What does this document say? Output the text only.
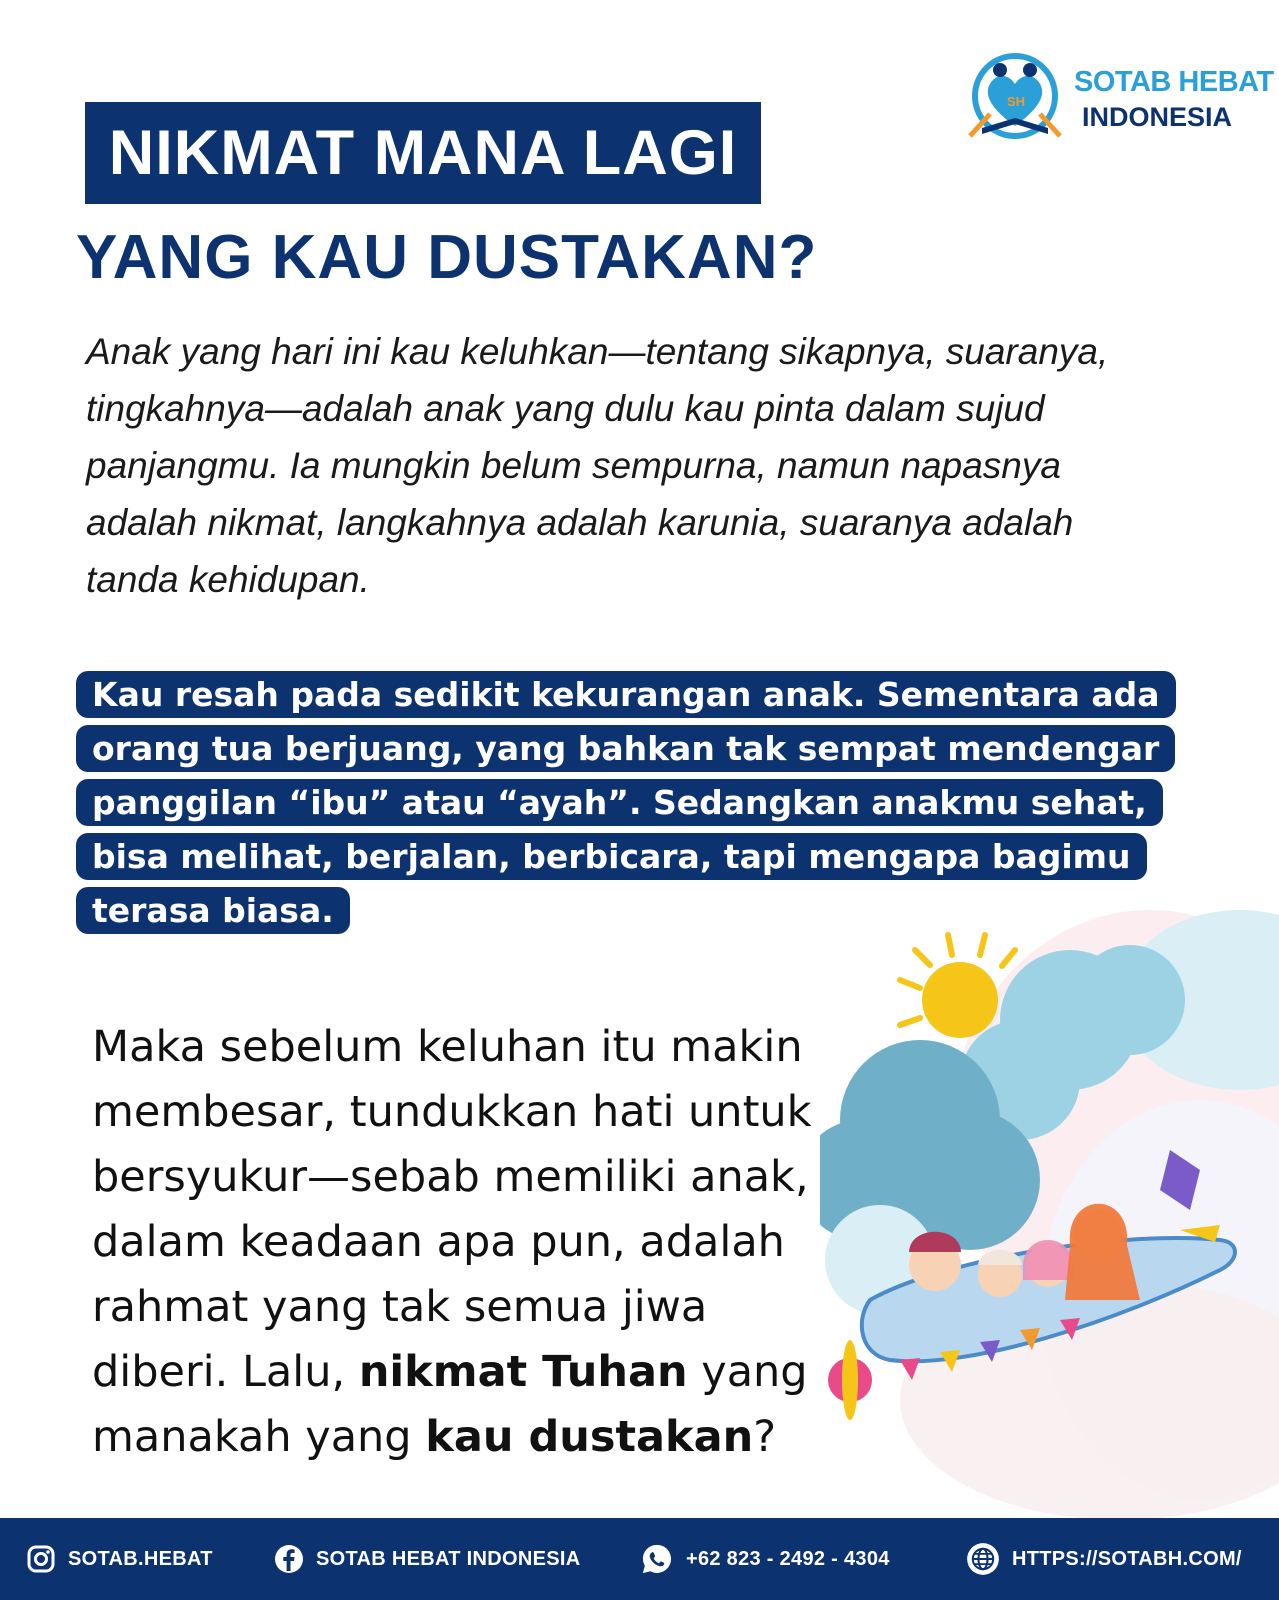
NIKMAT MANA LAGI
YANG KAU DUSTAKAN?
SH
SOTAB HEBAT
INDONESIA

Anak yang hari ini kau keluhkan—tentang sikapnya, suaranya, tingkahnya—adalah anak yang dulu kau pinta dalam sujud panjangmu. Ia mungkin belum sempurna, namun napasnya adalah nikmat, langkahnya adalah karunia, suaranya adalah tanda kehidupan.

Kau resah pada sedikit kekurangan anak. Sementara ada orang tua berjuang, yang bahkan tak sempat mendengar panggilan “ibu” atau “ayah”. Sedangkan anakmu sehat, bisa melihat, berjalan, berbicara, tapi mengapa bagimu terasa biasa.

Maka sebelum keluhan itu makin membesar, tundukkan hati untuk bersyukur—sebab memiliki anak, dalam keadaan apa pun, adalah rahmat yang tak semua jiwa diberi. Lalu, nikmat Tuhan yang manakah yang kau dustakan?

SOTAB.HEBAT	SOTAB HEBAT INDONESIA	+62 823 - 2492 - 4304	HTTPS://SOTABH.COM/
